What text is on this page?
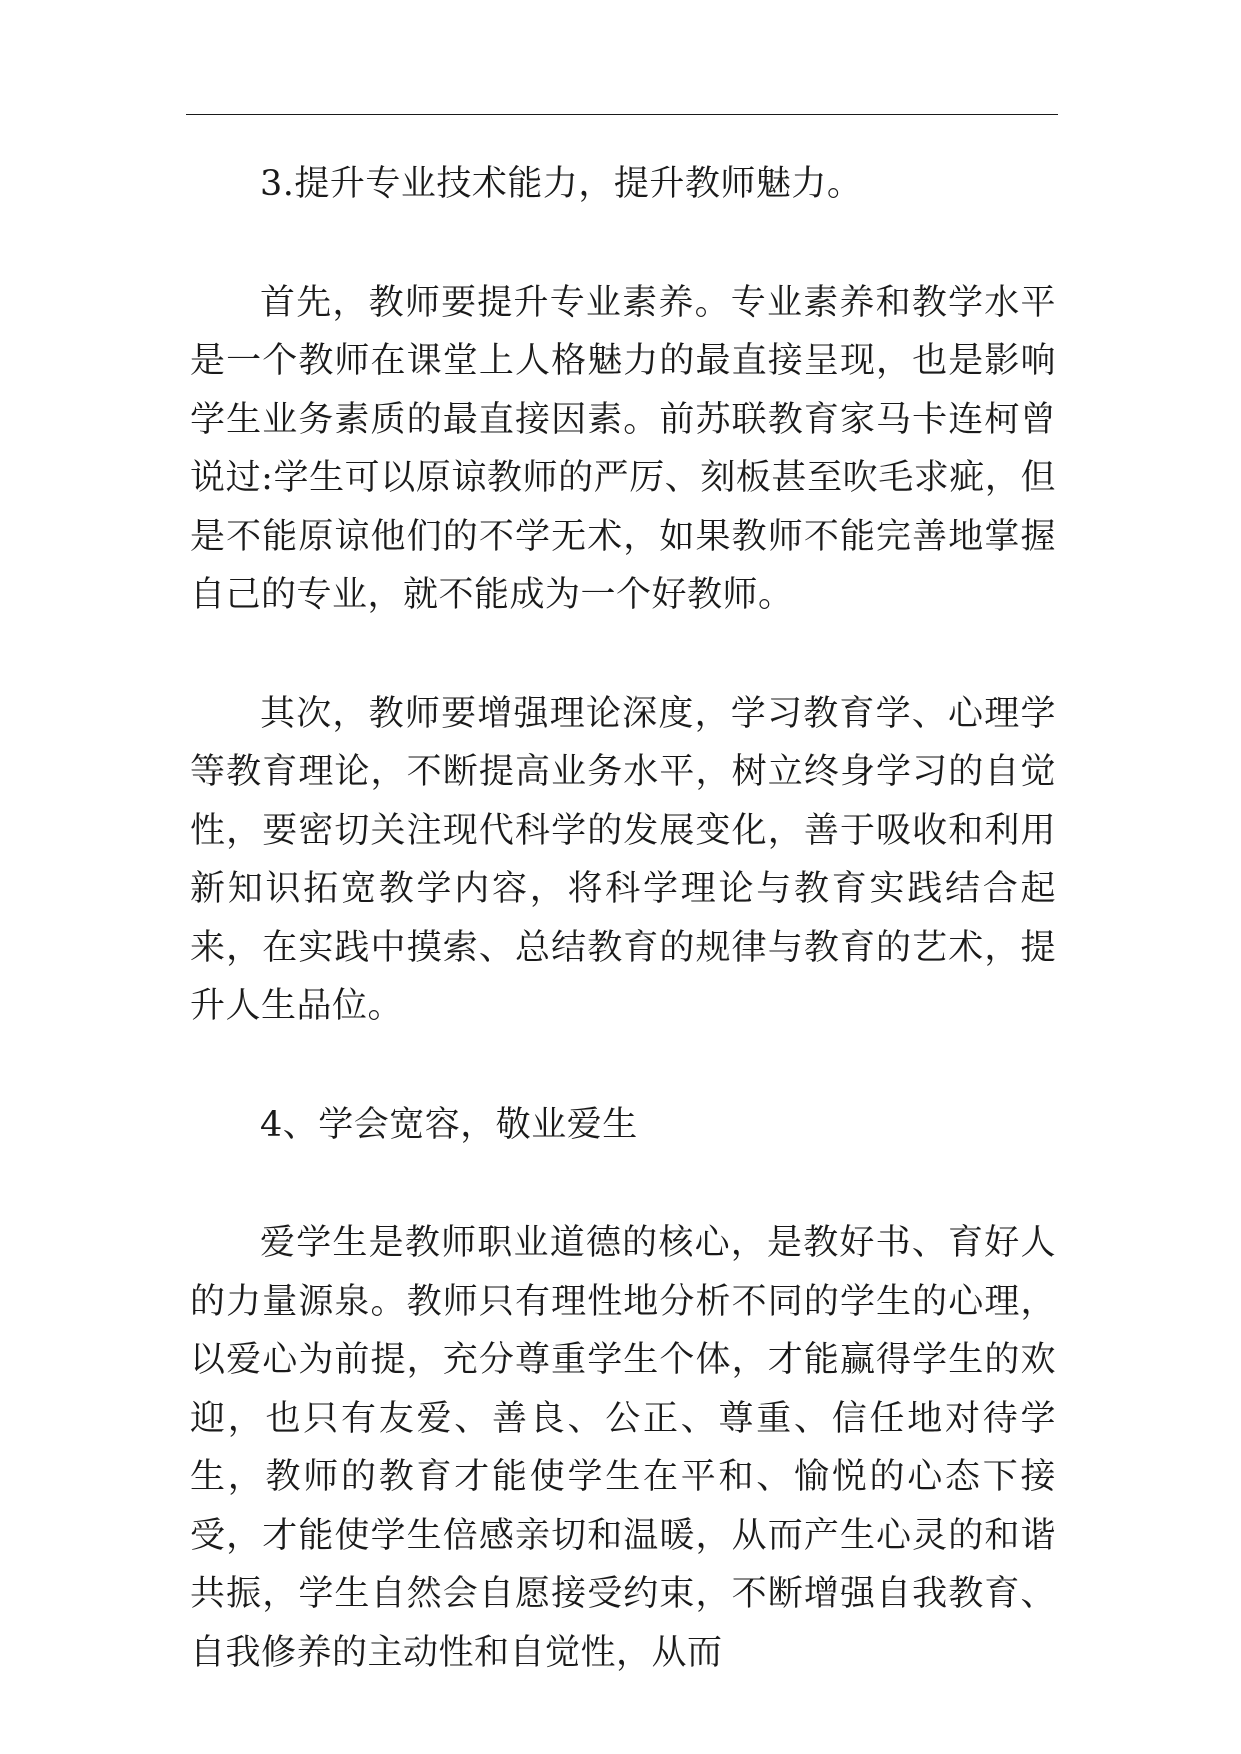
3.提升专业技术能力，提升教师魅力。

首先，教师要提升专业素养。专业素养和教学水平是一个教师在课堂上人格魅力的最直接呈现，也是影响学生业务素质的最直接因素。前苏联教育家马卡连柯曾说过:学生可以原谅教师的严厉、刻板甚至吹毛求疵，但是不能原谅他们的不学无术，如果教师不能完善地掌握自己的专业，就不能成为一个好教师。

其次，教师要增强理论深度，学习教育学、心理学等教育理论，不断提高业务水平，树立终身学习的自觉性，要密切关注现代科学的发展变化，善于吸收和利用新知识拓宽教学内容，将科学理论与教育实践结合起来，在实践中摸索、总结教育的规律与教育的艺术，提升人生品位。

4、学会宽容，敬业爱生

爱学生是教师职业道德的核心，是教好书、育好人的力量源泉。教师只有理性地分析不同的学生的心理，以爱心为前提，充分尊重学生个体，才能赢得学生的欢迎，也只有友爱、善良、公正、尊重、信任地对待学生，教师的教育才能使学生在平和、愉悦的心态下接受，才能使学生倍感亲切和温暖，从而产生心灵的和谐共振，学生自然会自愿接受约束，不断增强自我教育、自我修养的主动性和自觉性，从而
